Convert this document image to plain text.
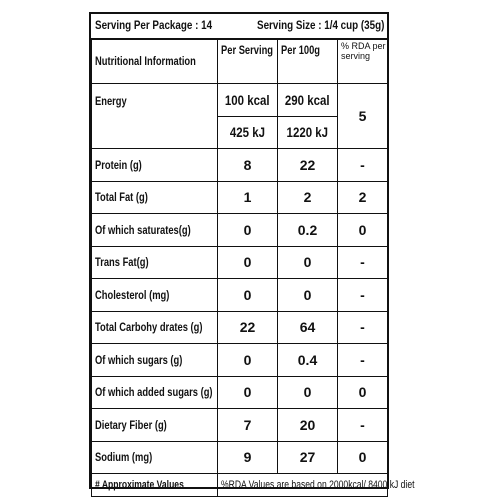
Serving Per Package : 14	Serving Size : 1/4 cup (35g)
Nutritional Information	Per Serving	Per 100g	% RDA per serving
Energy	100 kcal	290 kcal	5
	425 kJ	1220 kJ	
Protein (g)	8	22	-
Total Fat (g)	1	2	2
Of which saturates(g)	0	0.2	0
Trans Fat(g)	0	0	-
Cholesterol (mg)	0	0	-
Total Carbohy drates (g)	22	64	-
Of which sugars (g)	0	0.4	-
Of which added sugars (g)	0	0	0
Dietary Fiber (g)	7	20	-
Sodium (mg)	9	27	0
# Approximate Values	%RDA Values are based on 2000kcal/ 8400 kJ diet		
